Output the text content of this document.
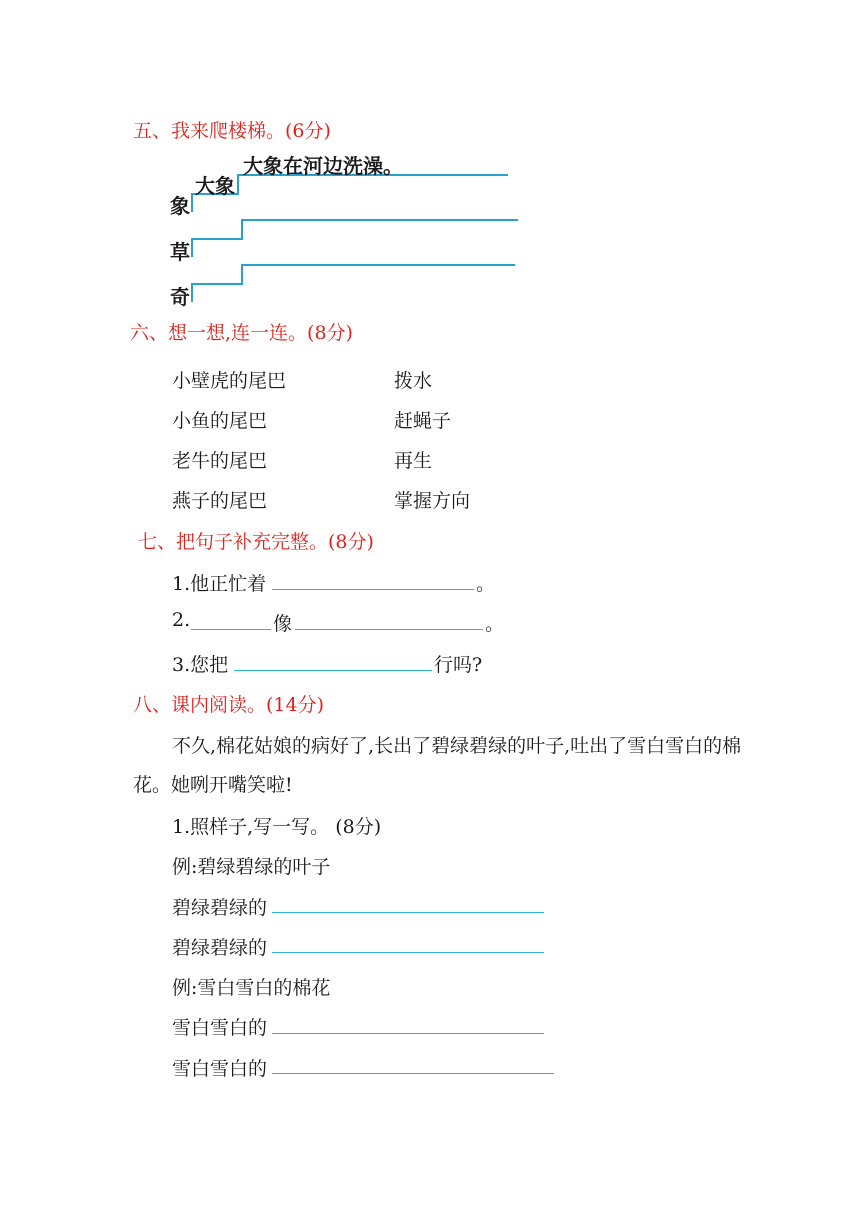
五、我来爬楼梯。(6分)
大象在河边洗澡。
大象
象
草
奇
六、想一想,连一连。(8分)
小壁虎的尾巴
小鱼的尾巴
老牛的尾巴
燕子的尾巴
拨水
赶蝇子
再生
掌握方向
七、把句子补充完整。(8分)
1.他正忙着	。
2.	像	。
3.您把	行吗?
八、课内阅读。(14分)
不久,棉花姑娘的病好了,长出了碧绿碧绿的叶子,吐出了雪白雪白的棉
花。她咧开嘴笑啦!
1.照样子,写一写。 (8分)
例:碧绿碧绿的叶子
碧绿碧绿的
碧绿碧绿的
例:雪白雪白的棉花
雪白雪白的
雪白雪白的
